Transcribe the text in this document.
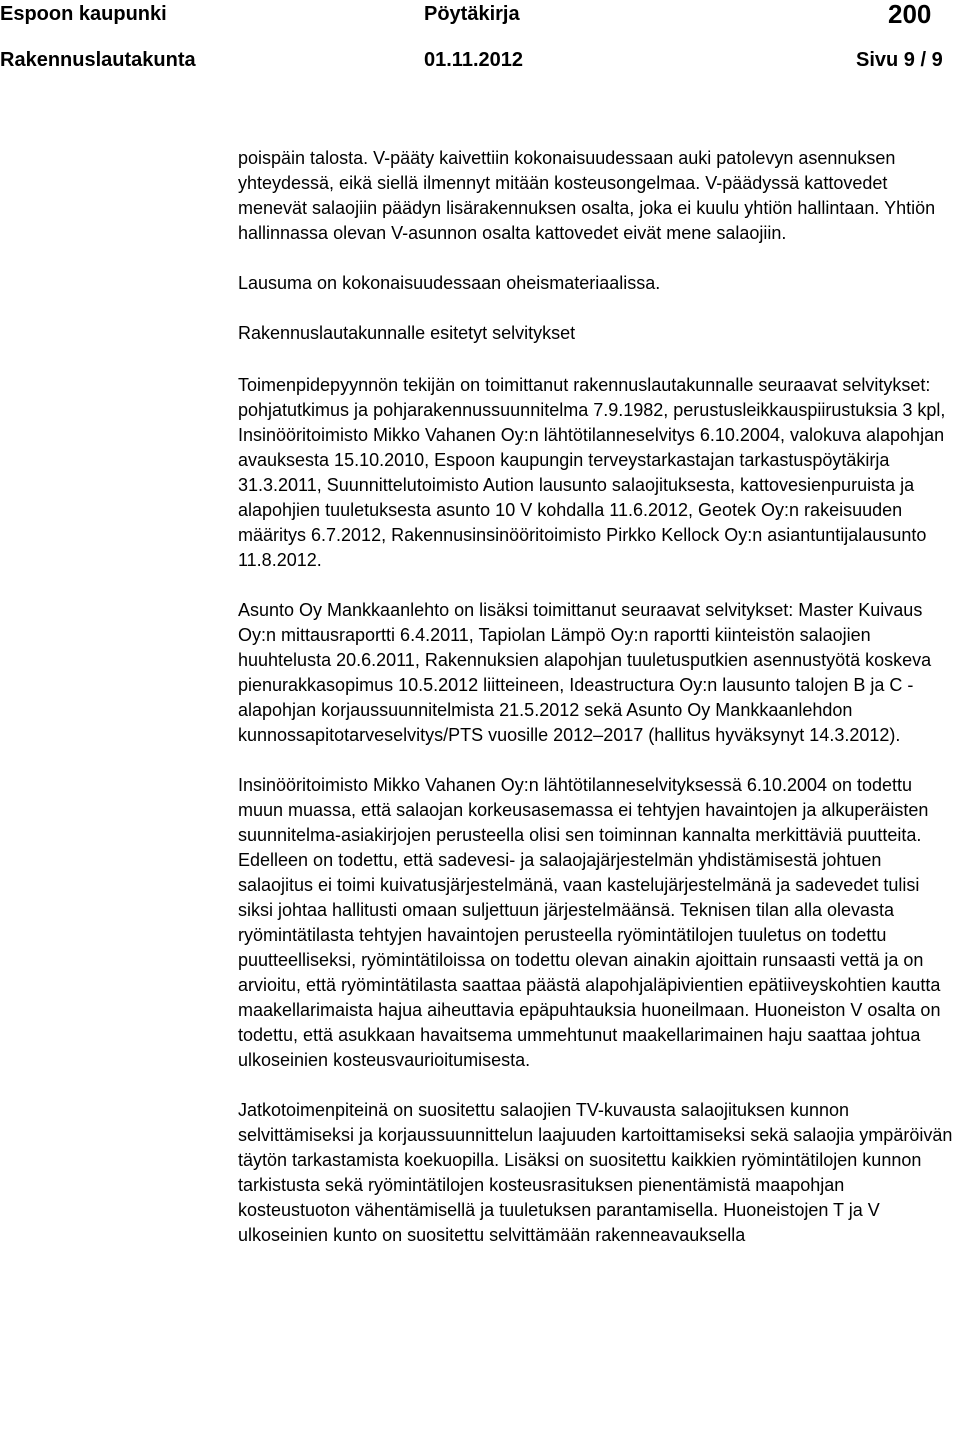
Espoon kaupunki	Pöytäkirja	200
Rakennuslautakunta	01.11.2012	Sivu 9 / 9

poispäin talosta. V-pääty kaivettiin kokonaisuudessaan auki patolevyn asennuksen yhteydessä, eikä siellä ilmennyt mitään kosteusongelmaa. V-päädyssä kattovedet menevät salaojiin päädyn lisärakennuksen osalta, joka ei kuulu yhtiön hallintaan. Yhtiön hallinnassa olevan V-asunnon osalta kattovedet eivät mene salaojiin.

Lausuma on kokonaisuudessaan oheismateriaalissa.

Rakennuslautakunnalle esitetyt selvitykset

Toimenpidepyynnön tekijän on toimittanut rakennuslautakunnalle seuraavat selvitykset: pohjatutkimus ja pohjarakennussuunnitelma 7.9.1982, perustusleikkauspiirustuksia 3 kpl, Insinööritoimisto Mikko Vahanen Oy:n lähtötilanneselvitys 6.10.2004, valokuva alapohjan avauksesta 15.10.2010, Espoon kaupungin terveystarkastajan tarkastuspöytäkirja 31.3.2011, Suunnittelutoimisto Aution lausunto salaojituksesta, kattovesienpuruista ja alapohjien tuuletuksesta asunto 10 V kohdalla 11.6.2012, Geotek Oy:n rakeisuuden määritys 6.7.2012, Rakennusinsinööritoimisto Pirkko Kellock Oy:n asiantuntijalausunto 11.8.2012.

Asunto Oy Mankkaanlehto on lisäksi toimittanut seuraavat selvitykset: Master Kuivaus Oy:n mittausraportti 6.4.2011, Tapiolan Lämpö Oy:n raportti kiinteistön salaojien huuhtelusta 20.6.2011, Rakennuksien alapohjan tuuletusputkien asennustyötä koskeva pienurakkasopimus 10.5.2012 liitteineen, Ideastructura Oy:n lausunto talojen B ja C -alapohjan korjaussuunnitelmista 21.5.2012 sekä Asunto Oy Mankkaanlehdon kunnossapitotarveselvitys/PTS vuosille 2012–2017 (hallitus hyväksynyt 14.3.2012).

Insinööritoimisto Mikko Vahanen Oy:n lähtötilanneselvityksessä 6.10.2004 on todettu muun muassa, että salaojan korkeusasemassa ei tehtyjen havaintojen ja alkuperäisten suunnitelma-asiakirjojen perusteella olisi sen toiminnan kannalta merkittäviä puutteita. Edelleen on todettu, että sadevesi- ja salaojajärjestelmän yhdistämisestä johtuen salaojitus ei toimi kuivatusjärjestelmänä, vaan kastelujärjestelmänä ja sadevedet tulisi siksi johtaa hallitusti omaan suljettuun järjestelmäänsä. Teknisen tilan alla olevasta ryömintätilasta tehtyjen havaintojen perusteella ryömintätilojen tuuletus on todettu puutteelliseksi, ryömintätiloissa on todettu olevan ainakin ajoittain runsaasti vettä ja on arvioitu, että ryömintätilasta saattaa päästä alapohjaläpivientien epätiiveyskohtien kautta maakellarimaista hajua aiheuttavia epäpuhtauksia huoneilmaan. Huoneiston V osalta on todettu, että asukkaan havaitsema ummehtunut maakellarimainen haju saattaa johtua ulkoseinien kosteusvaurioitumisesta.

Jatkotoimenpiteinä on suositettu salaojien TV-kuvausta salaojituksen kunnon selvittämiseksi ja korjaussuunnittelun laajuuden kartoittamiseksi sekä salaojia ympäröivän täytön tarkastamista koekuopilla. Lisäksi on suositettu kaikkien ryömintätilojen kunnon tarkistusta sekä ryömintätilojen kosteusrasituksen pienentämistä maapohjan kosteustuoton vähentämisellä ja tuuletuksen parantamisella. Huoneistojen T ja V ulkoseinien kunto on suositettu selvittämään rakenneavauksella
